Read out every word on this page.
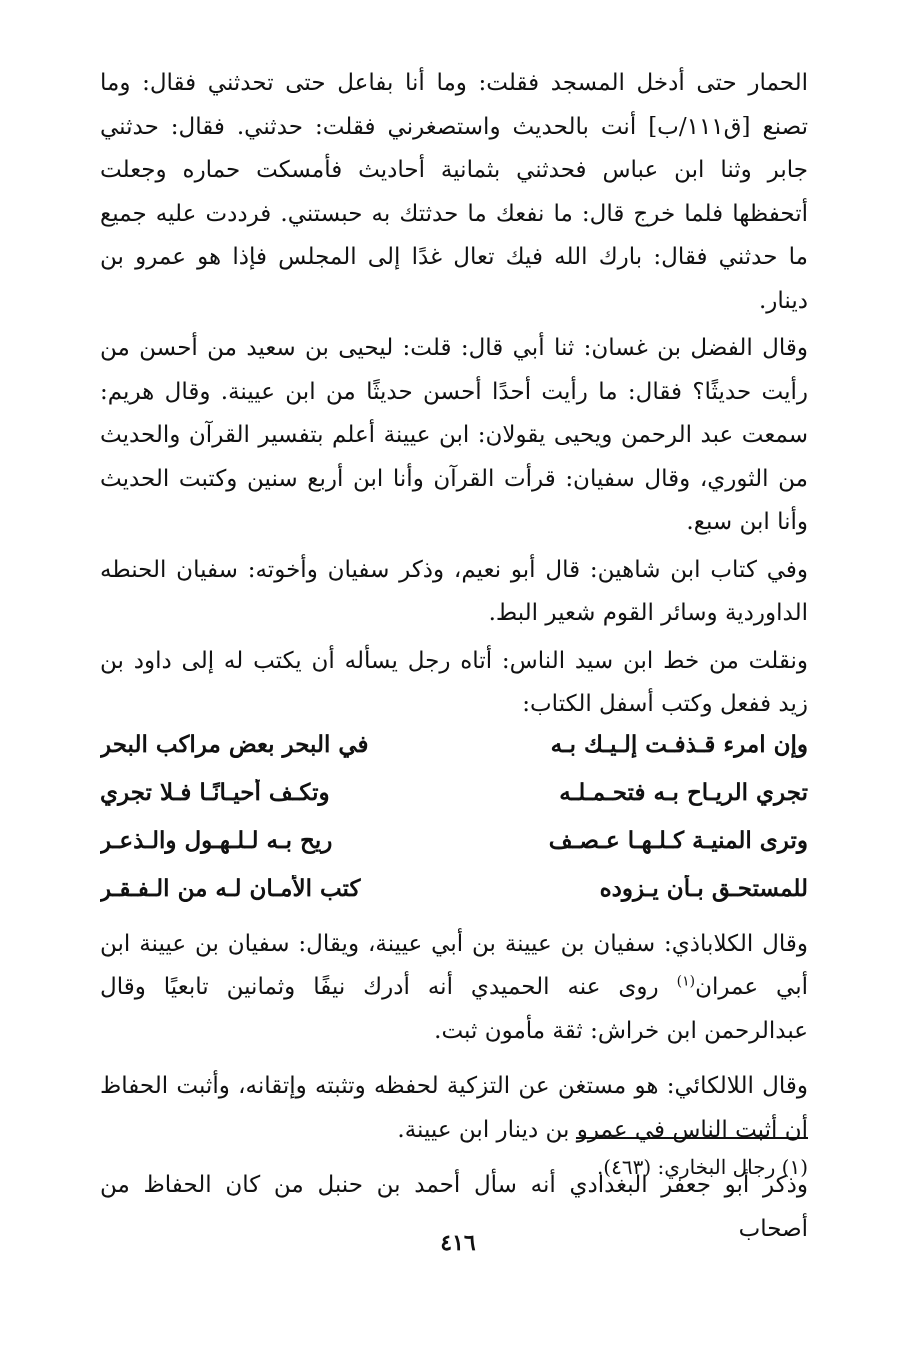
الحمار حتى أدخل المسجد فقلت: وما أنا بفاعل حتى تحدثني فقال: وما تصنع [ق١١١/ب] أنت بالحديث واستصغرني فقلت: حدثني. فقال: حدثني جابر وثنا ابن عباس فحدثني بثمانية أحاديث فأمسكت حماره وجعلت أتحفظها فلما خرج قال: ما نفعك ما حدثتك به حبستني. فرددت عليه جميع ما حدثني فقال: بارك الله فيك تعال غدًا إلى المجلس فإذا هو عمرو بن دينار.

وقال الفضل بن غسان: ثنا أبي قال: قلت: ليحيى بن سعيد من أحسن من رأيت حديثًا؟ فقال: ما رأيت أحدًا أحسن حديثًا من ابن عيينة. وقال هريم: سمعت عبد الرحمن ويحيى يقولان: ابن عيينة أعلم بتفسير القرآن والحديث من الثوري، وقال سفيان: قرأت القرآن وأنا ابن أربع سنين وكتبت الحديث وأنا ابن سبع.

وفي كتاب ابن شاهين: قال أبو نعيم، وذكر سفيان وأخوته: سفيان الحنطه الداوردية وسائر القوم شعير البط.

ونقلت من خط ابن سيد الناس: أتاه رجل يسأله أن يكتب له إلى داود بن زيد ففعل وكتب أسفل الكتاب:

وإن امرء قـذفـت إلـيـك بـه
في البحر بعض مراكب البحر
تجري الريـاح بـه فتحـمـلـه
وتكـف أحيـانًـا فـلا تجري
وترى المنيـة كـلـهـا عـصـف
ريح بـه لـلـهـول والـذعـر
للمستحـق بـأن يـزوده
كتب الأمـان لـه من الـفـقـر

وقال الكلاباذي: سفيان بن عيينة بن أبي عيينة، ويقال: سفيان بن عيينة ابن أبي عمران$^{(١)}$ روى عنه الحميدي أنه أدرك نيفًا وثمانين تابعيًا وقال عبدالرحمن ابن خراش: ثقة مأمون ثبت.

وقال اللالكائي: هو مستغن عن التزكية لحفظه وتثبته وإتقانه، وأثبت الحفاظ أن أثبت الناس في عمرو بن دينار ابن عيينة.

وذكر أبو جعفر البغدادي أنه سأل أحمد بن حنبل من كان الحفاظ من أصحاب

(١) رجال البخاري: (٤٦٣).
٤١٦
